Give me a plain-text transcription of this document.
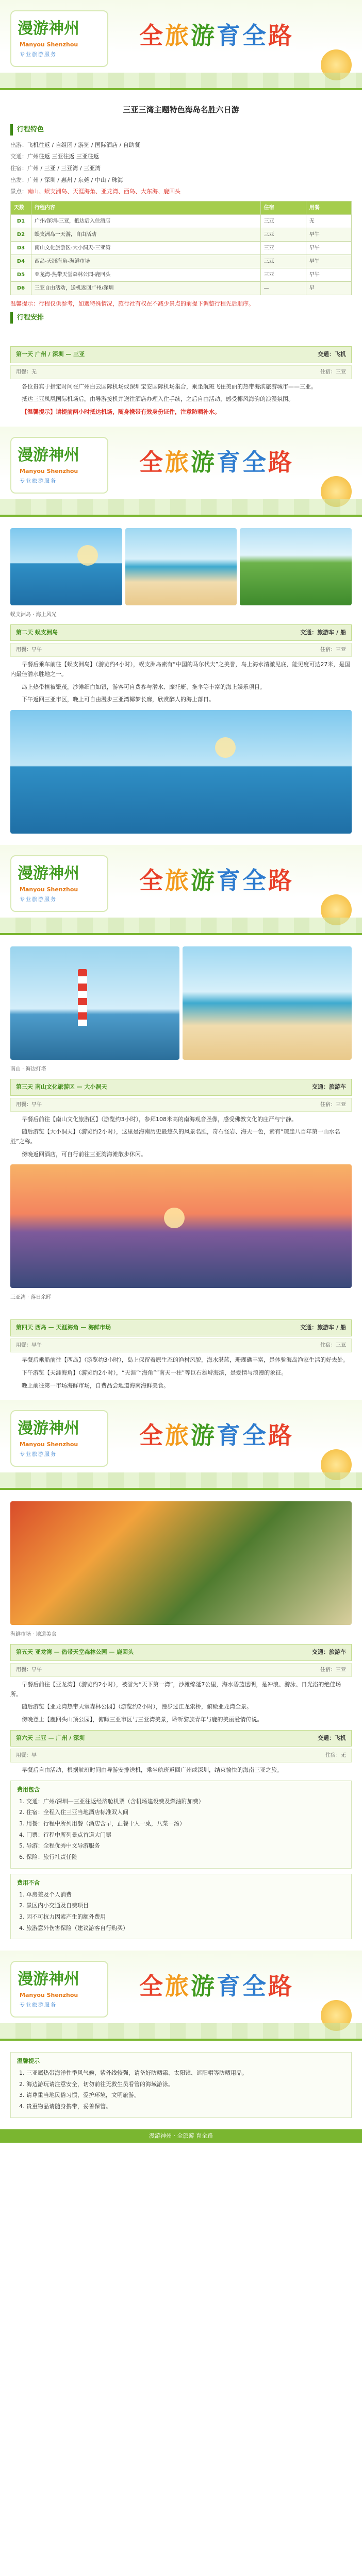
漫游神州
Manyou Shenzhou
专业旅游服务
全旅游育全路
三亚三湾主题特色海岛名胜六日游
行程特色
出游：飞机往返 / 自组团 / 游览 / 国际酒店 / 自助餐
交通：广州往返 三亚往返 三亚往返
住宿：广州 / 三亚 / 三亚湾 / 三亚湾
出发：广州 / 深圳 / 惠州 / 东莞 / 中山 / 珠海
景点：南山、蜈支洲岛、天涯海角、亚龙湾、西岛、大东海、鹿回头
天数	行程内容	住宿	用餐
D1	广州/深圳-三亚，抵达后入住酒店	三亚	无
D2	蜈支洲岛一天游，自由活动	三亚	早午
D3	南山文化旅游区-大小洞天-三亚湾	三亚	早午
D4	西岛-天涯海角-海鲜市场	三亚	早午
D5	亚龙湾-热带天堂森林公园-鹿回头	三亚	早午
D6	三亚自由活动，送机返回广州/深圳	—	早
温馨提示：行程仅供参考，如遇特殊情况，旅行社有权在不减少景点的前提下调整行程先后顺序。
行程安排
第一天 广州 / 深圳 — 三亚	交通：飞机
用餐：无	住宿：三亚
各位贵宾于指定时间在广州白云国际机场或深圳宝安国际机场集合，乘坐航班飞往美丽的热带海滨旅游城市——三亚。
抵达三亚凤凰国际机场后，由导游接机并送往酒店办理入住手续，之后自由活动，感受椰风海韵的浪漫氛围。
【温馨提示】请提前两小时抵达机场，随身携带有效身份证件，注意防晒补水。
漫游神州
Manyou Shenzhou
专业旅游服务
全旅游育全路
蜈支洲岛 · 海上风光
第二天 蜈支洲岛	交通：旅游车 / 船
用餐：早午	住宿：三亚
早餐后乘车前往【蜈支洲岛】（游览约4小时），蜈支洲岛素有“中国的马尔代夫”之美誉，岛上海水清澈见底，能见度可达27米，是国内最佳潜水胜地之一。
岛上热带植被繁茂，沙滩细白如银，游客可自费参与潜水、摩托艇、拖伞等丰富的海上娱乐项目。
下午返回三亚市区，晚上可自由漫步三亚湾椰梦长廊，欣赏醉人的海上落日。
漫游神州
Manyou Shenzhou
专业旅游服务
全旅游育全路
南山 · 海边灯塔
第三天 南山文化旅游区 — 大小洞天	交通：旅游车
用餐：早午	住宿：三亚
早餐后前往【南山文化旅游区】（游览约3小时），参拜108米高的南海观音圣像，感受佛教文化的庄严与宁静。
随后游览【大小洞天】（游览约2小时），这里是海南历史最悠久的风景名胜，奇石怪岩、海天一色，素有“琼崖八百年第一山水名胜”之称。
傍晚返回酒店，可自行前往三亚湾海滩散步休闲。
三亚湾 · 落日余晖
第四天 西岛 — 天涯海角 — 海鲜市场	交通：旅游车 / 船
用餐：早午	住宿：三亚
早餐后乘船前往【西岛】（游览约3小时），岛上保留着原生态的渔村风貌，海水湛蓝，珊瑚礁丰富，是体验海岛渔家生活的好去处。
下午游览【天涯海角】（游览约2小时），“天涯”“海角”“南天一柱”等巨石雄峙海滨，是爱情与浪漫的象征。
晚上前往第一市场海鲜市场，自费品尝地道海南海鲜美食。
漫游神州
Manyou Shenzhou
专业旅游服务
全旅游育全路
海鲜市场 · 地道美食
第五天 亚龙湾 — 热带天堂森林公园 — 鹿回头	交通：旅游车
用餐：早午	住宿：三亚
早餐后前往【亚龙湾】（游览约2小时），被誉为“天下第一湾”，沙滩绵延7公里，海水碧蓝透明，是冲浪、游泳、日光浴的绝佳场所。
随后游览【亚龙湾热带天堂森林公园】（游览约2小时），漫步过江龙索桥，俯瞰亚龙湾全景。
傍晚登上【鹿回头山顶公园】，俯瞰三亚市区与三亚湾美景，聆听黎族青年与鹿的美丽爱情传说。
第六天 三亚 — 广州 / 深圳	交通：飞机
用餐：早	住宿：无
早餐后自由活动，根据航班时间由导游安排送机，乘坐航班返回广州或深圳，结束愉快的海南三亚之旅。
费用包含
1. 交通：广州/深圳—三亚往返经济舱机票（含机场建设费及燃油附加费）
2. 住宿：全程入住三亚当地酒店标准双人间
3. 用餐：行程中所列用餐（酒店含早，正餐十人一桌，八菜一汤）
4. 门票：行程中所列景点首道大门票
5. 导游：全程优秀中文导游服务
6. 保险：旅行社责任险
费用不含
1. 单房差及个人消费
2. 景区内小交通及自费项目
3. 因不可抗力因素产生的额外费用
4. 旅游意外伤害保险（建议游客自行购买）
漫游神州
Manyou Shenzhou
专业旅游服务
全旅游育全路
温馨提示
1. 三亚属热带海洋性季风气候，紫外线较强，请备好防晒霜、太阳镜、遮阳帽等防晒用品。
2. 海边游玩请注意安全，切勿前往无救生员看管的海域游泳。
3. 请尊重当地民俗习惯，爱护环境，文明旅游。
4. 贵重物品请随身携带，妥善保管。
漫游神州 · 全旅游 育全路
